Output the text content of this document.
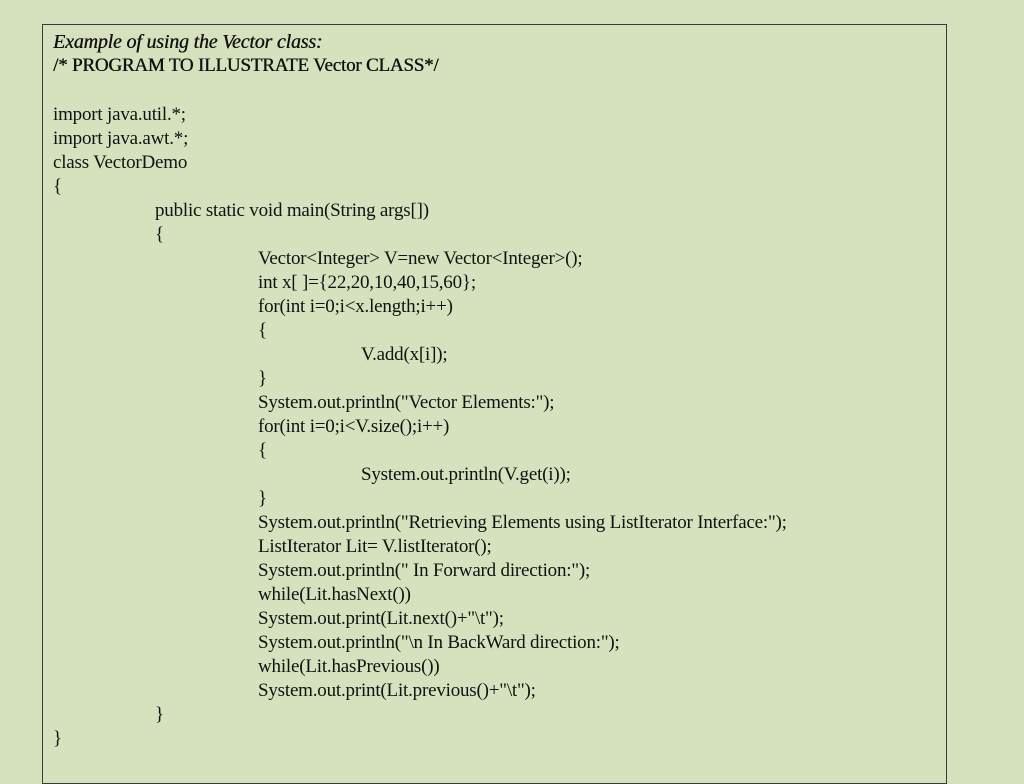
Example of using the Vector class:
/* PROGRAM TO ILLUSTRATE Vector CLASS*/
import java.util.*;
import java.awt.*;
class VectorDemo
{
public static void main(String args[])
{
Vector<Integer> V=new Vector<Integer>();
int x[ ]={22,20,10,40,15,60};
for(int i=0;i<x.length;i++)
{
V.add(x[i]);
}
System.out.println("Vector Elements:");
for(int i=0;i<V.size();i++)
{
System.out.println(V.get(i));
}
System.out.println("Retrieving Elements using ListIterator Interface:");
ListIterator Lit= V.listIterator();
System.out.println(" In Forward direction:");
while(Lit.hasNext())
System.out.print(Lit.next()+"\t");
System.out.println("\n In BackWard direction:");
while(Lit.hasPrevious())
System.out.print(Lit.previous()+"\t");
}
}
